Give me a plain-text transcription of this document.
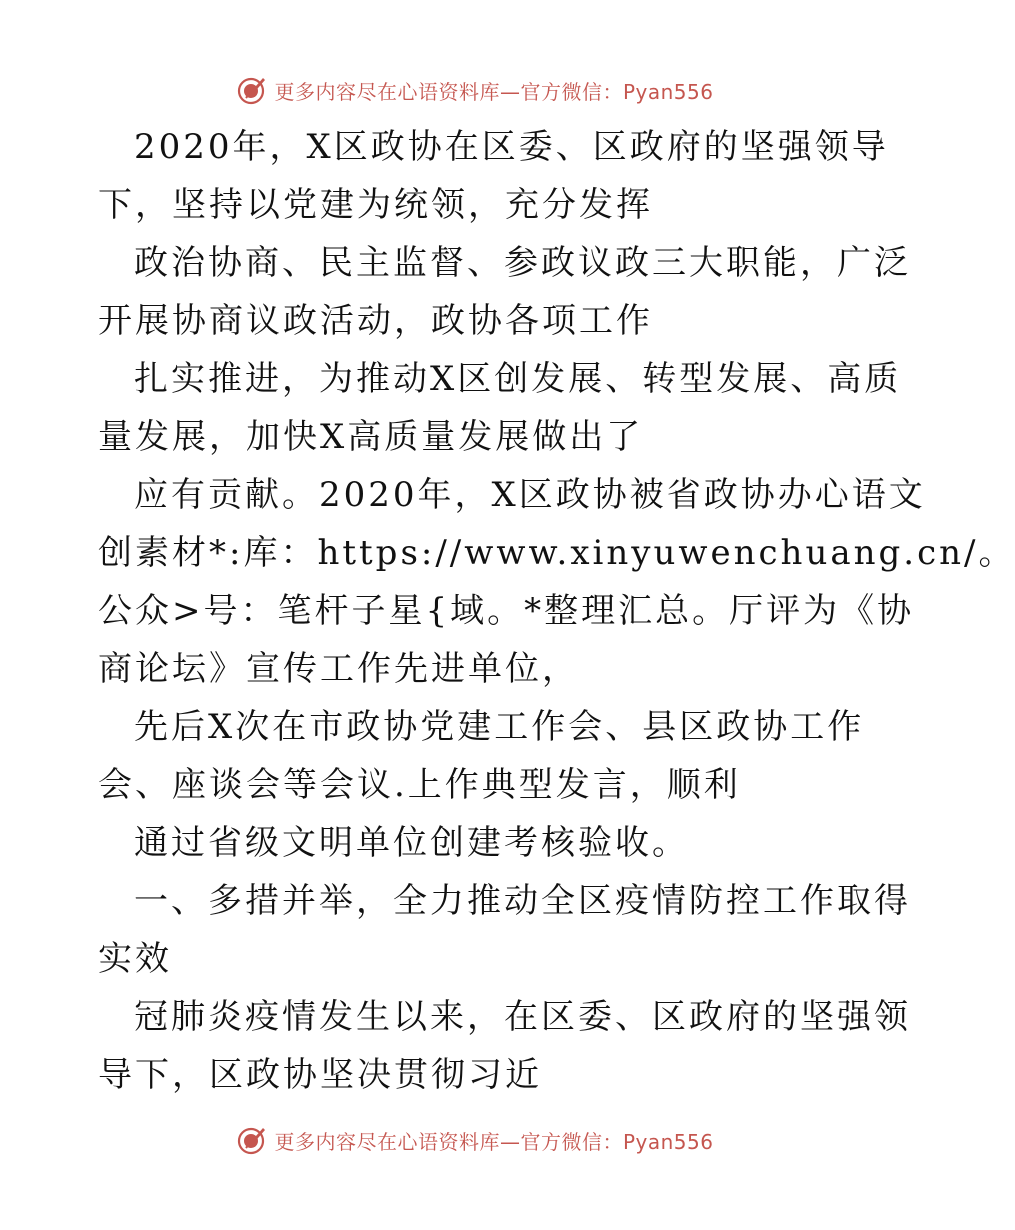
更多内容尽在心语资料库—官方微信：Pyan556

2020年，X区政协在区委、区政府的坚强领导
下，坚持以党建为统领，充分发挥

政治协商、民主监督、参政议政三大职能，广泛
开展协商议政活动，政协各项工作

扎实推进，为推动X区创发展、转型发展、高质
量发展，加快X高质量发展做出了

应有贡献。2020年，X区政协被省政协办心语文
创素材*:库：https://www.xinyuwenchuang.cn/。
公众>号：笔杆子星{域。*整理汇总。厅评为《协
商论坛》宣传工作先进单位，

先后X次在市政协党建工作会、县区政协工作
会、座谈会等会议.上作典型发言，顺利

通过省级文明单位创建考核验收。

一、多措并举，全力推动全区疫情防控工作取得
实效

冠肺炎疫情发生以来，在区委、区政府的坚强领
导下，区政协坚决贯彻习近

更多内容尽在心语资料库—官方微信：Pyan556
